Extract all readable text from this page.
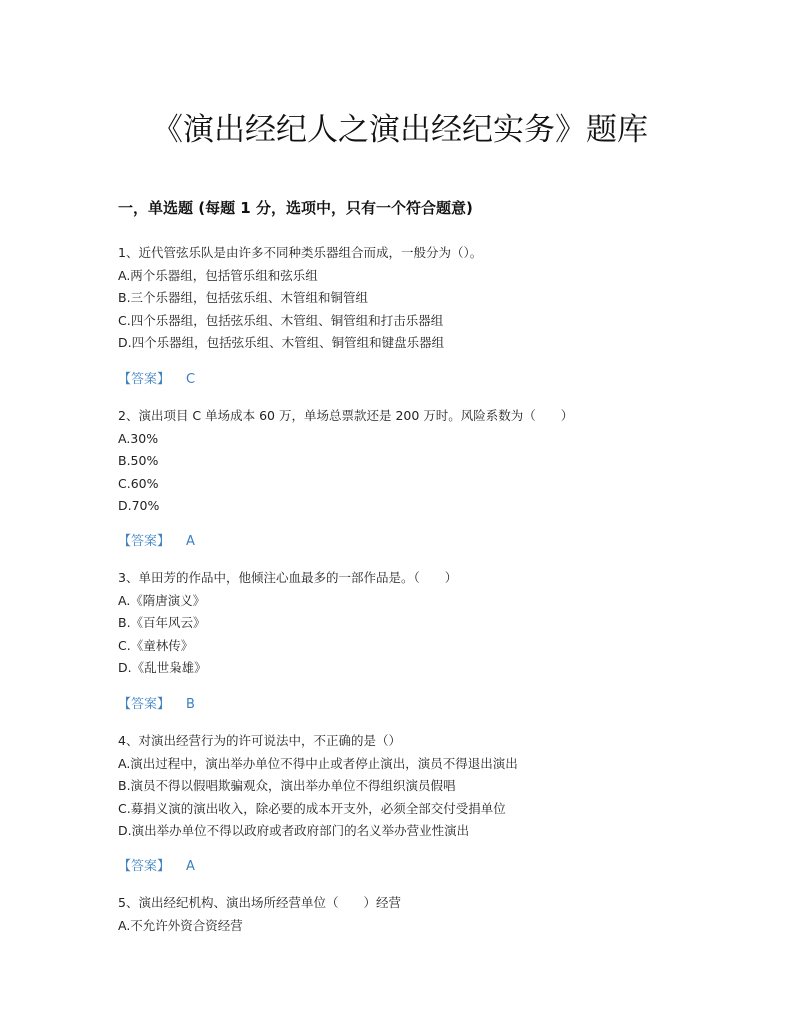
《演出经纪人之演出经纪实务》题库
一，单选题 (每题 1 分，选项中，只有一个符合题意)
1、近代管弦乐队是由许多不同种类乐器组合而成，一般分为（）。
A.两个乐器组，包括管乐组和弦乐组
B.三个乐器组，包括弦乐组、木管组和铜管组
C.四个乐器组，包括弦乐组、木管组、铜管组和打击乐器组
D.四个乐器组，包括弦乐组、木管组、铜管组和键盘乐器组
【答案】 C
2、演出项目 C 单场成本 60 万，单场总票款还是 200 万时。风险系数为（　　）
A.30%
B.50%
C.60%
D.70%
【答案】 A
3、单田芳的作品中，他倾注心血最多的一部作品是。（　　）
A.《隋唐演义》
B.《百年风云》
C.《童林传》
D.《乱世枭雄》
【答案】 B
4、对演出经营行为的许可说法中，不正确的是（）
A.演出过程中，演出举办单位不得中止或者停止演出，演员不得退出演出
B.演员不得以假唱欺骗观众，演出举办单位不得组织演员假唱
C.募捐义演的演出收入，除必要的成本开支外，必须全部交付受捐单位
D.演出举办单位不得以政府或者政府部门的名义举办营业性演出
【答案】 A
5、演出经纪机构、演出场所经营单位（　　）经营
A.不允许外资合资经营
